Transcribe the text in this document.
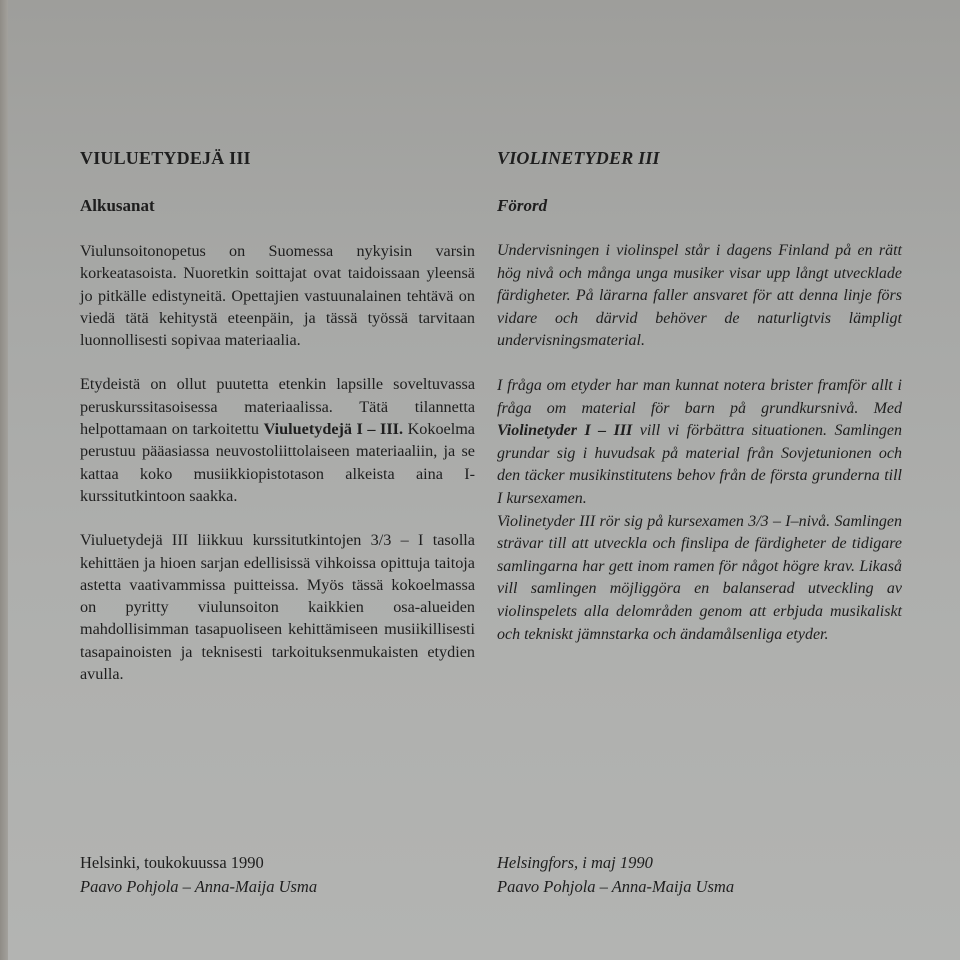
VIULUETYDEJÄ III
Alkusanat

Viulunsoitonopetus on Suomessa nykyisin varsin korkeatasoista. Nuoretkin soittajat ovat taidoissaan yleensä jo pitkälle edistyneitä. Opettajien vastuunalainen tehtävä on viedä tätä kehitystä eteenpäin, ja tässä työssä tarvitaan luonnollisesti sopivaa materiaalia.

Etydeistä on ollut puutetta etenkin lapsille soveltuvassa peruskurssitasoisessa materiaalissa. Tätä tilannetta helpottamaan on tarkoitettu Viuluetydejä I – III. Kokoelma perustuu pääasiassa neuvostoliittolaiseen materiaaliin, ja se kattaa koko musiikkiopistotason alkeista aina I-kurssitutkintoon saakka.

Viuluetydejä III liikkuu kurssitutkintojen 3/3 – I tasolla kehittäen ja hioen sarjan edellisissä vihkoissa opittuja taitoja astetta vaativammissa puitteissa. Myös tässä kokoelmassa on pyritty viulunsoiton kaikkien osa-alueiden mahdollisimman tasapuoliseen kehittämiseen musiikillisesti tasapainoisten ja teknisesti tarkoituksenmukaisten etydien avulla.

VIOLINETYDER III
Förord

Undervisningen i violinspel står i dagens Finland på en rätt hög nivå och många unga musiker visar upp långt utvecklade färdigheter. På lärarna faller ansvaret för att denna linje förs vidare och därvid behöver de naturligtvis lämpligt undervisningsmaterial.

I fråga om etyder har man kunnat notera brister framför allt i fråga om material för barn på grundkursnivå. Med Violinetyder I – III vill vi förbättra situationen. Samlingen grundar sig i huvudsak på material från Sovjetunionen och den täcker musikinstitutens behov från de första grunderna till I kursexamen.

Violinetyder III rör sig på kursexamen 3/3 – I–nivå. Samlingen strävar till att utveckla och finslipa de färdigheter de tidigare samlingarna har gett inom ramen för något högre krav. Likaså vill samlingen möjliggöra en balanserad utveckling av violinspelets alla delområden genom att erbjuda musikaliskt och tekniskt jämnstarka och ändamålsenliga etyder.

Helsinki, toukokuussa 1990
Paavo Pohjola – Anna-Maija Usma
Helsingfors, i maj 1990
Paavo Pohjola – Anna-Maija Usma
